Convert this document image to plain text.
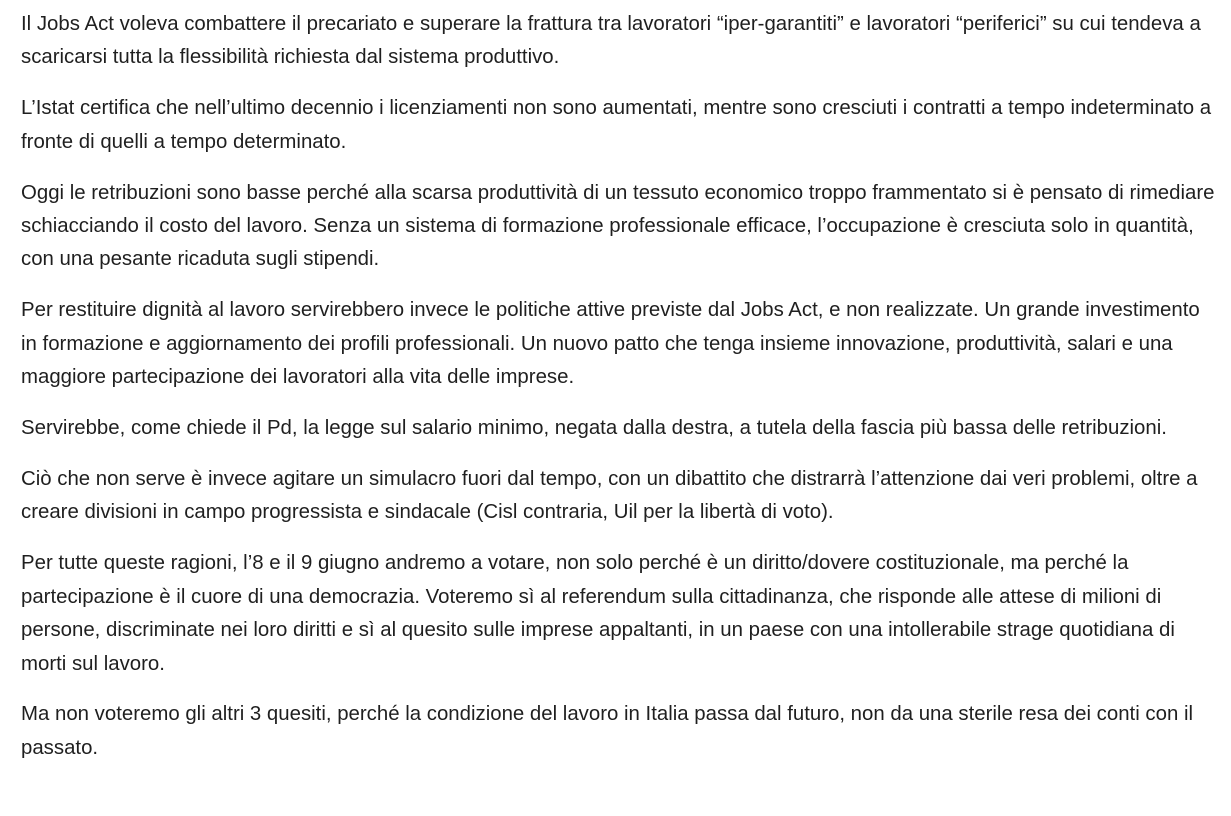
Il Jobs Act voleva combattere il precariato e superare la frattura tra lavoratori “iper-garantiti” e lavoratori “periferici” su cui tendeva a scaricarsi tutta la flessibilità richiesta dal sistema produttivo.

L’Istat certifica che nell’ultimo decennio i licenziamenti non sono aumentati, mentre sono cresciuti i contratti a tempo indeterminato a fronte di quelli a tempo determinato.

Oggi le retribuzioni sono basse perché alla scarsa produttività di un tessuto economico troppo frammentato si è pensato di rimediare schiacciando il costo del lavoro. Senza un sistema di formazione professionale efficace, l’occupazione è cresciuta solo in quantità, con una pesante ricaduta sugli stipendi.

Per restituire dignità al lavoro servirebbero invece le politiche attive previste dal Jobs Act, e non realizzate. Un grande investimento in formazione e aggiornamento dei profili professionali. Un nuovo patto che tenga insieme innovazione, produttività, salari e una maggiore partecipazione dei lavoratori alla vita delle imprese.

Servirebbe, come chiede il Pd, la legge sul salario minimo, negata dalla destra, a tutela della fascia più bassa delle retribuzioni.

Ciò che non serve è invece agitare un simulacro fuori dal tempo, con un dibattito che distrarrà l’attenzione dai veri problemi, oltre a creare divisioni in campo progressista e sindacale (Cisl contraria, Uil per la libertà di voto).

Per tutte queste ragioni, l’8 e il 9 giugno andremo a votare, non solo perché è un diritto/dovere costituzionale, ma perché la partecipazione è il cuore di una democrazia. Voteremo sì al referendum sulla cittadinanza, che risponde alle attese di milioni di persone, discriminate nei loro diritti e sì al quesito sulle imprese appaltanti, in un paese con una intollerabile strage quotidiana di morti sul lavoro.

Ma non voteremo gli altri 3 quesiti, perché la condizione del lavoro in Italia passa dal futuro, non da una sterile resa dei conti con il passato.
